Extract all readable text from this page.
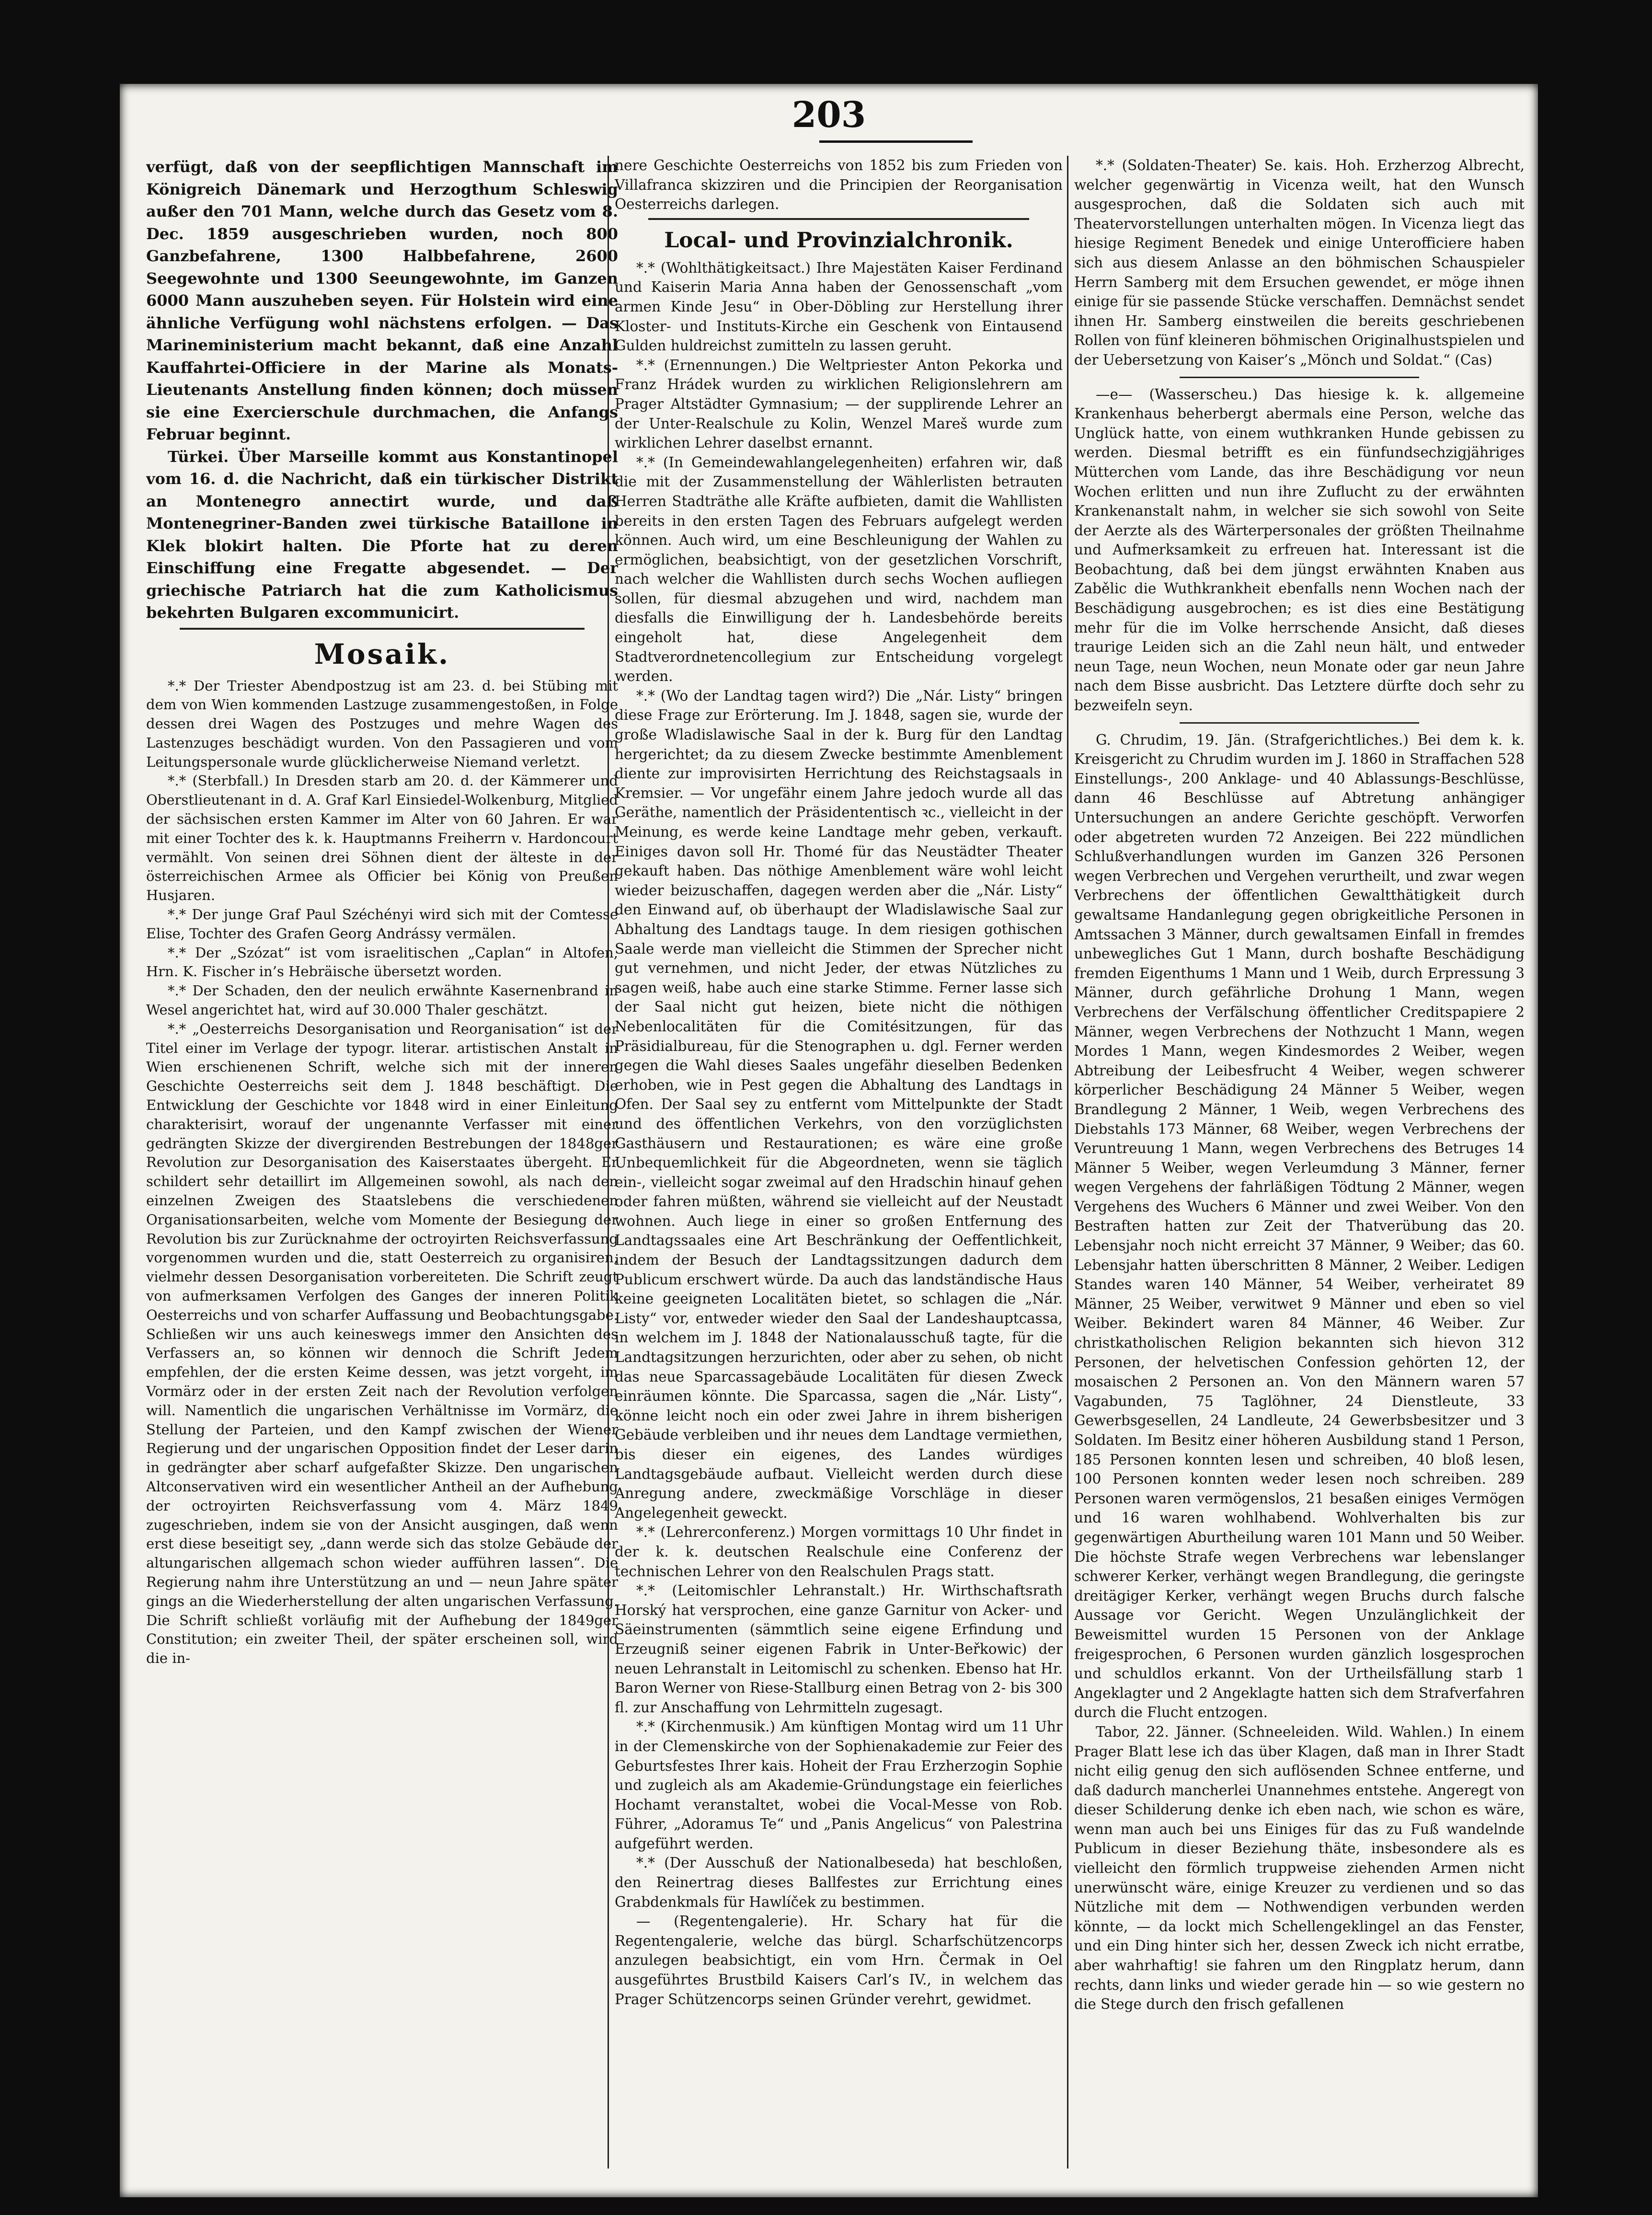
203

verfügt, daß von der seepflichtigen Mannschaft im Königreich Dänemark und Herzogthum Schleswig außer den 701 Mann, welche durch das Gesetz vom 8. Dec. 1859 ausgeschrieben wurden, noch 800 Ganzbefahrene, 1300 Halbbefahrene, 2600 Seegewohnte und 1300 Seeungewohnte, im Ganzen 6000 Mann auszuheben seyen. Für Holstein wird eine ähnliche Verfügung wohl nächstens erfolgen. — Das Marineministerium macht bekannt, daß eine Anzahl Kauffahrtei-Officiere in der Marine als Monats-Lieutenants Anstellung finden können; doch müssen sie eine Exercierschule durchmachen, die Anfangs Februar beginnt.

Türkei. Über Marseille kommt aus Konstantinopel vom 16. d. die Nachricht, daß ein türkischer Distrikt an Montenegro annectirt wurde, und daß Montenegriner-Banden zwei türkische Bataillone in Klek blokirt halten. Die Pforte hat zu deren Einschiffung eine Fregatte abgesendet. — Der griechische Patriarch hat die zum Katholicismus bekehrten Bulgaren excommunicirt.

Mosaik.

*.* Der Triester Abendpostzug ist am 23. d. bei Stübing mit dem von Wien kommenden Lastzuge zusammengestoßen, in Folge dessen drei Wagen des Postzuges und mehre Wagen des Lastenzuges beschädigt wurden. Von den Passagieren und vom Leitungspersonale wurde glücklicherweise Niemand verletzt.

*.* (Sterbfall.) In Dresden starb am 20. d. der Kämmerer und Oberstlieutenant in d. A. Graf Karl Einsiedel-Wolkenburg, Mitglied der sächsischen ersten Kammer im Alter von 60 Jahren. Er war mit einer Tochter des k. k. Hauptmanns Freiherrn v. Hardoncourt vermählt. Von seinen drei Söhnen dient der älteste in der österreichischen Armee als Officier bei König von Preußen Husjaren.

*.* Der junge Graf Paul Széchényi wird sich mit der Comtesse Elise, Tochter des Grafen Georg Andrássy vermälen.

*.* Der „Szózat“ ist vom israelitischen „Caplan“ in Altofen, Hrn. K. Fischer in’s Hebräische übersetzt worden.

*.* Der Schaden, den der neulich erwähnte Kasernenbrand in Wesel angerichtet hat, wird auf 30.000 Thaler geschätzt.

*.* „Oesterreichs Desorganisation und Reorganisation“ ist der Titel einer im Verlage der typogr. literar. artistischen Anstalt in Wien erschienenen Schrift, welche sich mit der inneren Geschichte Oesterreichs seit dem J. 1848 beschäftigt. Die Entwicklung der Geschichte vor 1848 wird in einer Einleitung charakterisirt, worauf der ungenannte Verfasser mit einer gedrängten Skizze der divergirenden Bestrebungen der 1848ger Revolution zur Desorganisation des Kaiserstaates übergeht. Er schildert sehr detaillirt im Allgemeinen sowohl, als nach den einzelnen Zweigen des Staatslebens die verschiedenen Organisationsarbeiten, welche vom Momente der Besiegung der Revolution bis zur Zurücknahme der octroyirten Reichsverfassung vorgenommen wurden und die, statt Oesterreich zu organisiren, vielmehr dessen Desorganisation vorbereiteten. Die Schrift zeugt von aufmerksamen Verfolgen des Ganges der inneren Politik Oesterreichs und von scharfer Auffassung und Beobachtungsgabe. Schließen wir uns auch keineswegs immer den Ansichten des Verfassers an, so können wir dennoch die Schrift Jedem empfehlen, der die ersten Keime dessen, was jetzt vorgeht, im Vormärz oder in der ersten Zeit nach der Revolution verfolgen will. Namentlich die ungarischen Verhältnisse im Vormärz, die Stellung der Parteien, und den Kampf zwischen der Wiener Regierung und der ungarischen Opposition findet der Leser darin in gedrängter aber scharf aufgefaßter Skizze. Den ungarischen Altconservativen wird ein wesentlicher Antheil an der Aufhebung der octroyirten Reichsverfassung vom 4. März 1849 zugeschrieben, indem sie von der Ansicht ausgingen, daß wenn erst diese beseitigt sey, „dann werde sich das stolze Gebäude der altungarischen allgemach schon wieder aufführen lassen“. Die Regierung nahm ihre Unterstützung an und — neun Jahre später gings an die Wiederherstellung der alten ungarischen Verfassung. Die Schrift schließt vorläufig mit der Aufhebung der 1849ger Constitution; ein zweiter Theil, der später erscheinen soll, wird die in-

nere Geschichte Oesterreichs von 1852 bis zum Frieden von Villafranca skizziren und die Principien der Reorganisation Oesterreichs darlegen.

Local- und Provinzialchronik.

*.* (Wohlthätigkeitsact.) Ihre Majestäten Kaiser Ferdinand und Kaiserin Maria Anna haben der Genossenschaft „vom armen Kinde Jesu“ in Ober-Döbling zur Herstellung ihrer Kloster- und Instituts-Kirche ein Geschenk von Eintausend Gulden huldreichst zumitteln zu lassen geruht.

*.* (Ernennungen.) Die Weltpriester Anton Pekorka und Franz Hrádek wurden zu wirklichen Religionslehrern am Prager Altstädter Gymnasium; — der supplirende Lehrer an der Unter-Realschule zu Kolin, Wenzel Mareš wurde zum wirklichen Lehrer daselbst ernannt.

*.* (In Gemeindewahlangelegenheiten) erfahren wir, daß die mit der Zusammenstellung der Wählerlisten betrauten Herren Stadträthe alle Kräfte aufbieten, damit die Wahllisten bereits in den ersten Tagen des Februars aufgelegt werden können. Auch wird, um eine Beschleunigung der Wahlen zu ermöglichen, beabsichtigt, von der gesetzlichen Vorschrift, nach welcher die Wahllisten durch sechs Wochen aufliegen sollen, für diesmal abzugehen und wird, nachdem man diesfalls die Einwilligung der h. Landesbehörde bereits eingeholt hat, diese Angelegenheit dem Stadtverordnetencollegium zur Entscheidung vorgelegt werden.

*.* (Wo der Landtag tagen wird?) Die „Nár. Listy“ bringen diese Frage zur Erörterung. Im J. 1848, sagen sie, wurde der große Wladislawische Saal in der k. Burg für den Landtag hergerichtet; da zu diesem Zwecke bestimmte Amenblement diente zur improvisirten Herrichtung des Reichstagsaals in Kremsier. — Vor ungefähr einem Jahre jedoch wurde all das Geräthe, namentlich der Präsidententisch ꝛc., vielleicht in der Meinung, es werde keine Landtage mehr geben, verkauft. Einiges davon soll Hr. Thomé für das Neustädter Theater gekauft haben. Das nöthige Amenblement wäre wohl leicht wieder beizuschaffen, dagegen werden aber die „Nár. Listy“ den Einwand auf, ob überhaupt der Wladislawische Saal zur Abhaltung des Landtags tauge. In dem riesigen gothischen Saale werde man vielleicht die Stimmen der Sprecher nicht gut vernehmen, und nicht Jeder, der etwas Nützliches zu sagen weiß, habe auch eine starke Stimme. Ferner lasse sich der Saal nicht gut heizen, biete nicht die nöthigen Nebenlocalitäten für die Comitésitzungen, für das Präsidialbureau, für die Stenographen u. dgl. Ferner werden gegen die Wahl dieses Saales ungefähr dieselben Bedenken erhoben, wie in Pest gegen die Abhaltung des Landtags in Ofen. Der Saal sey zu entfernt vom Mittelpunkte der Stadt und des öffentlichen Verkehrs, von den vorzüglichsten Gasthäusern und Restaurationen; es wäre eine große Unbequemlichkeit für die Abgeordneten, wenn sie täglich ein-, vielleicht sogar zweimal auf den Hradschin hinauf gehen oder fahren müßten, während sie vielleicht auf der Neustadt wohnen. Auch liege in einer so großen Entfernung des Landtagssaales eine Art Beschränkung der Oeffentlichkeit, indem der Besuch der Landtagssitzungen dadurch dem Publicum erschwert würde. Da auch das landständische Haus keine geeigneten Localitäten bietet, so schlagen die „Nár. Listy“ vor, entweder wieder den Saal der Landeshauptcassa, in welchem im J. 1848 der Nationalausschuß tagte, für die Landtagsitzungen herzurichten, oder aber zu sehen, ob nicht das neue Sparcassagebäude Localitäten für diesen Zweck einräumen könnte. Die Sparcassa, sagen die „Nár. Listy“, könne leicht noch ein oder zwei Jahre in ihrem bisherigen Gebäude verbleiben und ihr neues dem Landtage vermiethen, bis dieser ein eigenes, des Landes würdiges Landtagsgebäude aufbaut. Vielleicht werden durch diese Anregung andere, zweckmäßige Vorschläge in dieser Angelegenheit geweckt.

*.* (Lehrerconferenz.) Morgen vormittags 10 Uhr findet in der k. k. deutschen Realschule eine Conferenz der technischen Lehrer von den Realschulen Prags statt.

*.* (Leitomischler Lehranstalt.) Hr. Wirthschaftsrath Horský hat versprochen, eine ganze Garnitur von Acker- und Säeinstrumenten (sämmtlich seine eigene Erfindung und Erzeugniß seiner eigenen Fabrik in Unter-Beřkowic) der neuen Lehranstalt in Leitomischl zu schenken. Ebenso hat Hr. Baron Werner von Riese-Stallburg einen Betrag von 2- bis 300 fl. zur Anschaffung von Lehrmitteln zugesagt.

*.* (Kirchenmusik.) Am künftigen Montag wird um 11 Uhr in der Clemenskirche von der Sophienakademie zur Feier des Geburtsfestes Ihrer kais. Hoheit der Frau Erzherzogin Sophie und zugleich als am Akademie-Gründungstage ein feierliches Hochamt veranstaltet, wobei die Vocal-Messe von Rob. Führer, „Adoramus Te“ und „Panis Angelicus“ von Palestrina aufgeführt werden.

*.* (Der Ausschuß der Nationalbeseda) hat beschloßen, den Reinertrag dieses Ballfestes zur Errichtung eines Grabdenkmals für Hawlíček zu bestimmen.

— (Regentengalerie). Hr. Schary hat für die Regentengalerie, welche das bürgl. Scharfschützencorps anzulegen beabsichtigt, ein vom Hrn. Čermak in Oel ausgeführtes Brustbild Kaisers Carl’s IV., in welchem das Prager Schützencorps seinen Gründer verehrt, gewidmet.

*.* (Soldaten-Theater) Se. kais. Hoh. Erzherzog Albrecht, welcher gegenwärtig in Vicenza weilt, hat den Wunsch ausgesprochen, daß die Soldaten sich auch mit Theatervorstellungen unterhalten mögen. In Vicenza liegt das hiesige Regiment Benedek und einige Unterofficiere haben sich aus diesem Anlasse an den böhmischen Schauspieler Herrn Samberg mit dem Ersuchen gewendet, er möge ihnen einige für sie passende Stücke verschaffen. Demnächst sendet ihnen Hr. Samberg einstweilen die bereits geschriebenen Rollen von fünf kleineren böhmischen Originalhustspielen und der Uebersetzung von Kaiser’s „Mönch und Soldat.“ (Cas)

—e— (Wasserscheu.) Das hiesige k. k. allgemeine Krankenhaus beherbergt abermals eine Person, welche das Unglück hatte, von einem wuthkranken Hunde gebissen zu werden. Diesmal betrifft es ein fünfundsechzigjähriges Mütterchen vom Lande, das ihre Beschädigung vor neun Wochen erlitten und nun ihre Zuflucht zu der erwähnten Krankenanstalt nahm, in welcher sie sich sowohl von Seite der Aerzte als des Wärterpersonales der größten Theilnahme und Aufmerksamkeit zu erfreuen hat. Interessant ist die Beobachtung, daß bei dem jüngst erwähnten Knaben aus Zabělic die Wuthkrankheit ebenfalls nenn Wochen nach der Beschädigung ausgebrochen; es ist dies eine Bestätigung mehr für die im Volke herrschende Ansicht, daß dieses traurige Leiden sich an die Zahl neun hält, und entweder neun Tage, neun Wochen, neun Monate oder gar neun Jahre nach dem Bisse ausbricht. Das Letztere dürfte doch sehr zu bezweifeln seyn.

G. Chrudim, 19. Jän. (Strafgerichtliches.) Bei dem k. k. Kreisgericht zu Chrudim wurden im J. 1860 in Straffachen 528 Einstellungs-, 200 Anklage- und 40 Ablassungs-Beschlüsse, dann 46 Beschlüsse auf Abtretung anhängiger Untersuchungen an andere Gerichte geschöpft. Verworfen oder abgetreten wurden 72 Anzeigen. Bei 222 mündlichen Schlußverhandlungen wurden im Ganzen 326 Personen wegen Verbrechen und Vergehen verurtheilt, und zwar wegen Verbrechens der öffentlichen Gewaltthätigkeit durch gewaltsame Handanlegung gegen obrigkeitliche Personen in Amtssachen 3 Männer, durch gewaltsamen Einfall in fremdes unbewegliches Gut 1 Mann, durch boshafte Beschädigung fremden Eigenthums 1 Mann und 1 Weib, durch Erpressung 3 Männer, durch gefährliche Drohung 1 Mann, wegen Verbrechens der Verfälschung öffentlicher Creditspapiere 2 Männer, wegen Verbrechens der Nothzucht 1 Mann, wegen Mordes 1 Mann, wegen Kindesmordes 2 Weiber, wegen Abtreibung der Leibesfrucht 4 Weiber, wegen schwerer körperlicher Beschädigung 24 Männer 5 Weiber, wegen Brandlegung 2 Männer, 1 Weib, wegen Verbrechens des Diebstahls 173 Männer, 68 Weiber, wegen Verbrechens der Veruntreuung 1 Mann, wegen Verbrechens des Betruges 14 Männer 5 Weiber, wegen Verleumdung 3 Männer, ferner wegen Vergehens der fahrläßigen Tödtung 2 Männer, wegen Vergehens des Wuchers 6 Männer und zwei Weiber. Von den Bestraften hatten zur Zeit der Thatverübung das 20. Lebensjahr noch nicht erreicht 37 Männer, 9 Weiber; das 60. Lebensjahr hatten überschritten 8 Männer, 2 Weiber. Ledigen Standes waren 140 Männer, 54 Weiber, verheiratet 89 Männer, 25 Weiber, verwitwet 9 Männer und eben so viel Weiber. Bekindert waren 84 Männer, 46 Weiber. Zur christkatholischen Religion bekannten sich hievon 312 Personen, der helvetischen Confession gehörten 12, der mosaischen 2 Personen an. Von den Männern waren 57 Vagabunden, 75 Taglöhner, 24 Dienstleute, 33 Gewerbsgesellen, 24 Landleute, 24 Gewerbsbesitzer und 3 Soldaten. Im Besitz einer höheren Ausbildung stand 1 Person, 185 Personen konnten lesen und schreiben, 40 bloß lesen, 100 Personen konnten weder lesen noch schreiben. 289 Personen waren vermögenslos, 21 besaßen einiges Vermögen und 16 waren wohlhabend. Wohlverhalten bis zur gegenwärtigen Aburtheilung waren 101 Mann und 50 Weiber. Die höchste Strafe wegen Verbrechens war lebenslanger schwerer Kerker, verhängt wegen Brandlegung, die geringste dreitägiger Kerker, verhängt wegen Bruchs durch falsche Aussage vor Gericht. Wegen Unzulänglichkeit der Beweismittel wurden 15 Personen von der Anklage freigesprochen, 6 Personen wurden gänzlich losgesprochen und schuldlos erkannt. Von der Urtheilsfällung starb 1 Angeklagter und 2 Angeklagte hatten sich dem Strafverfahren durch die Flucht entzogen.

Tabor, 22. Jänner. (Schneeleiden. Wild. Wahlen.) In einem Prager Blatt lese ich das über Klagen, daß man in Ihrer Stadt nicht eilig genug den sich auflösenden Schnee entferne, und daß dadurch mancherlei Unannehmes entstehe. Angeregt von dieser Schilderung denke ich eben nach, wie schon es wäre, wenn man auch bei uns Einiges für das zu Fuß wandelnde Publicum in dieser Beziehung thäte, insbesondere als es vielleicht den förmlich truppweise ziehenden Armen nicht unerwünscht wäre, einige Kreuzer zu verdienen und so das Nützliche mit dem — Nothwendigen verbunden werden könnte, — da lockt mich Schellengeklingel an das Fenster, und ein Ding hinter sich her, dessen Zweck ich nicht erratbe, aber wahrhaftig! sie fahren um den Ringplatz herum, dann rechts, dann links und wieder gerade hin — so wie gestern no die Stege durch den frisch gefallenen
